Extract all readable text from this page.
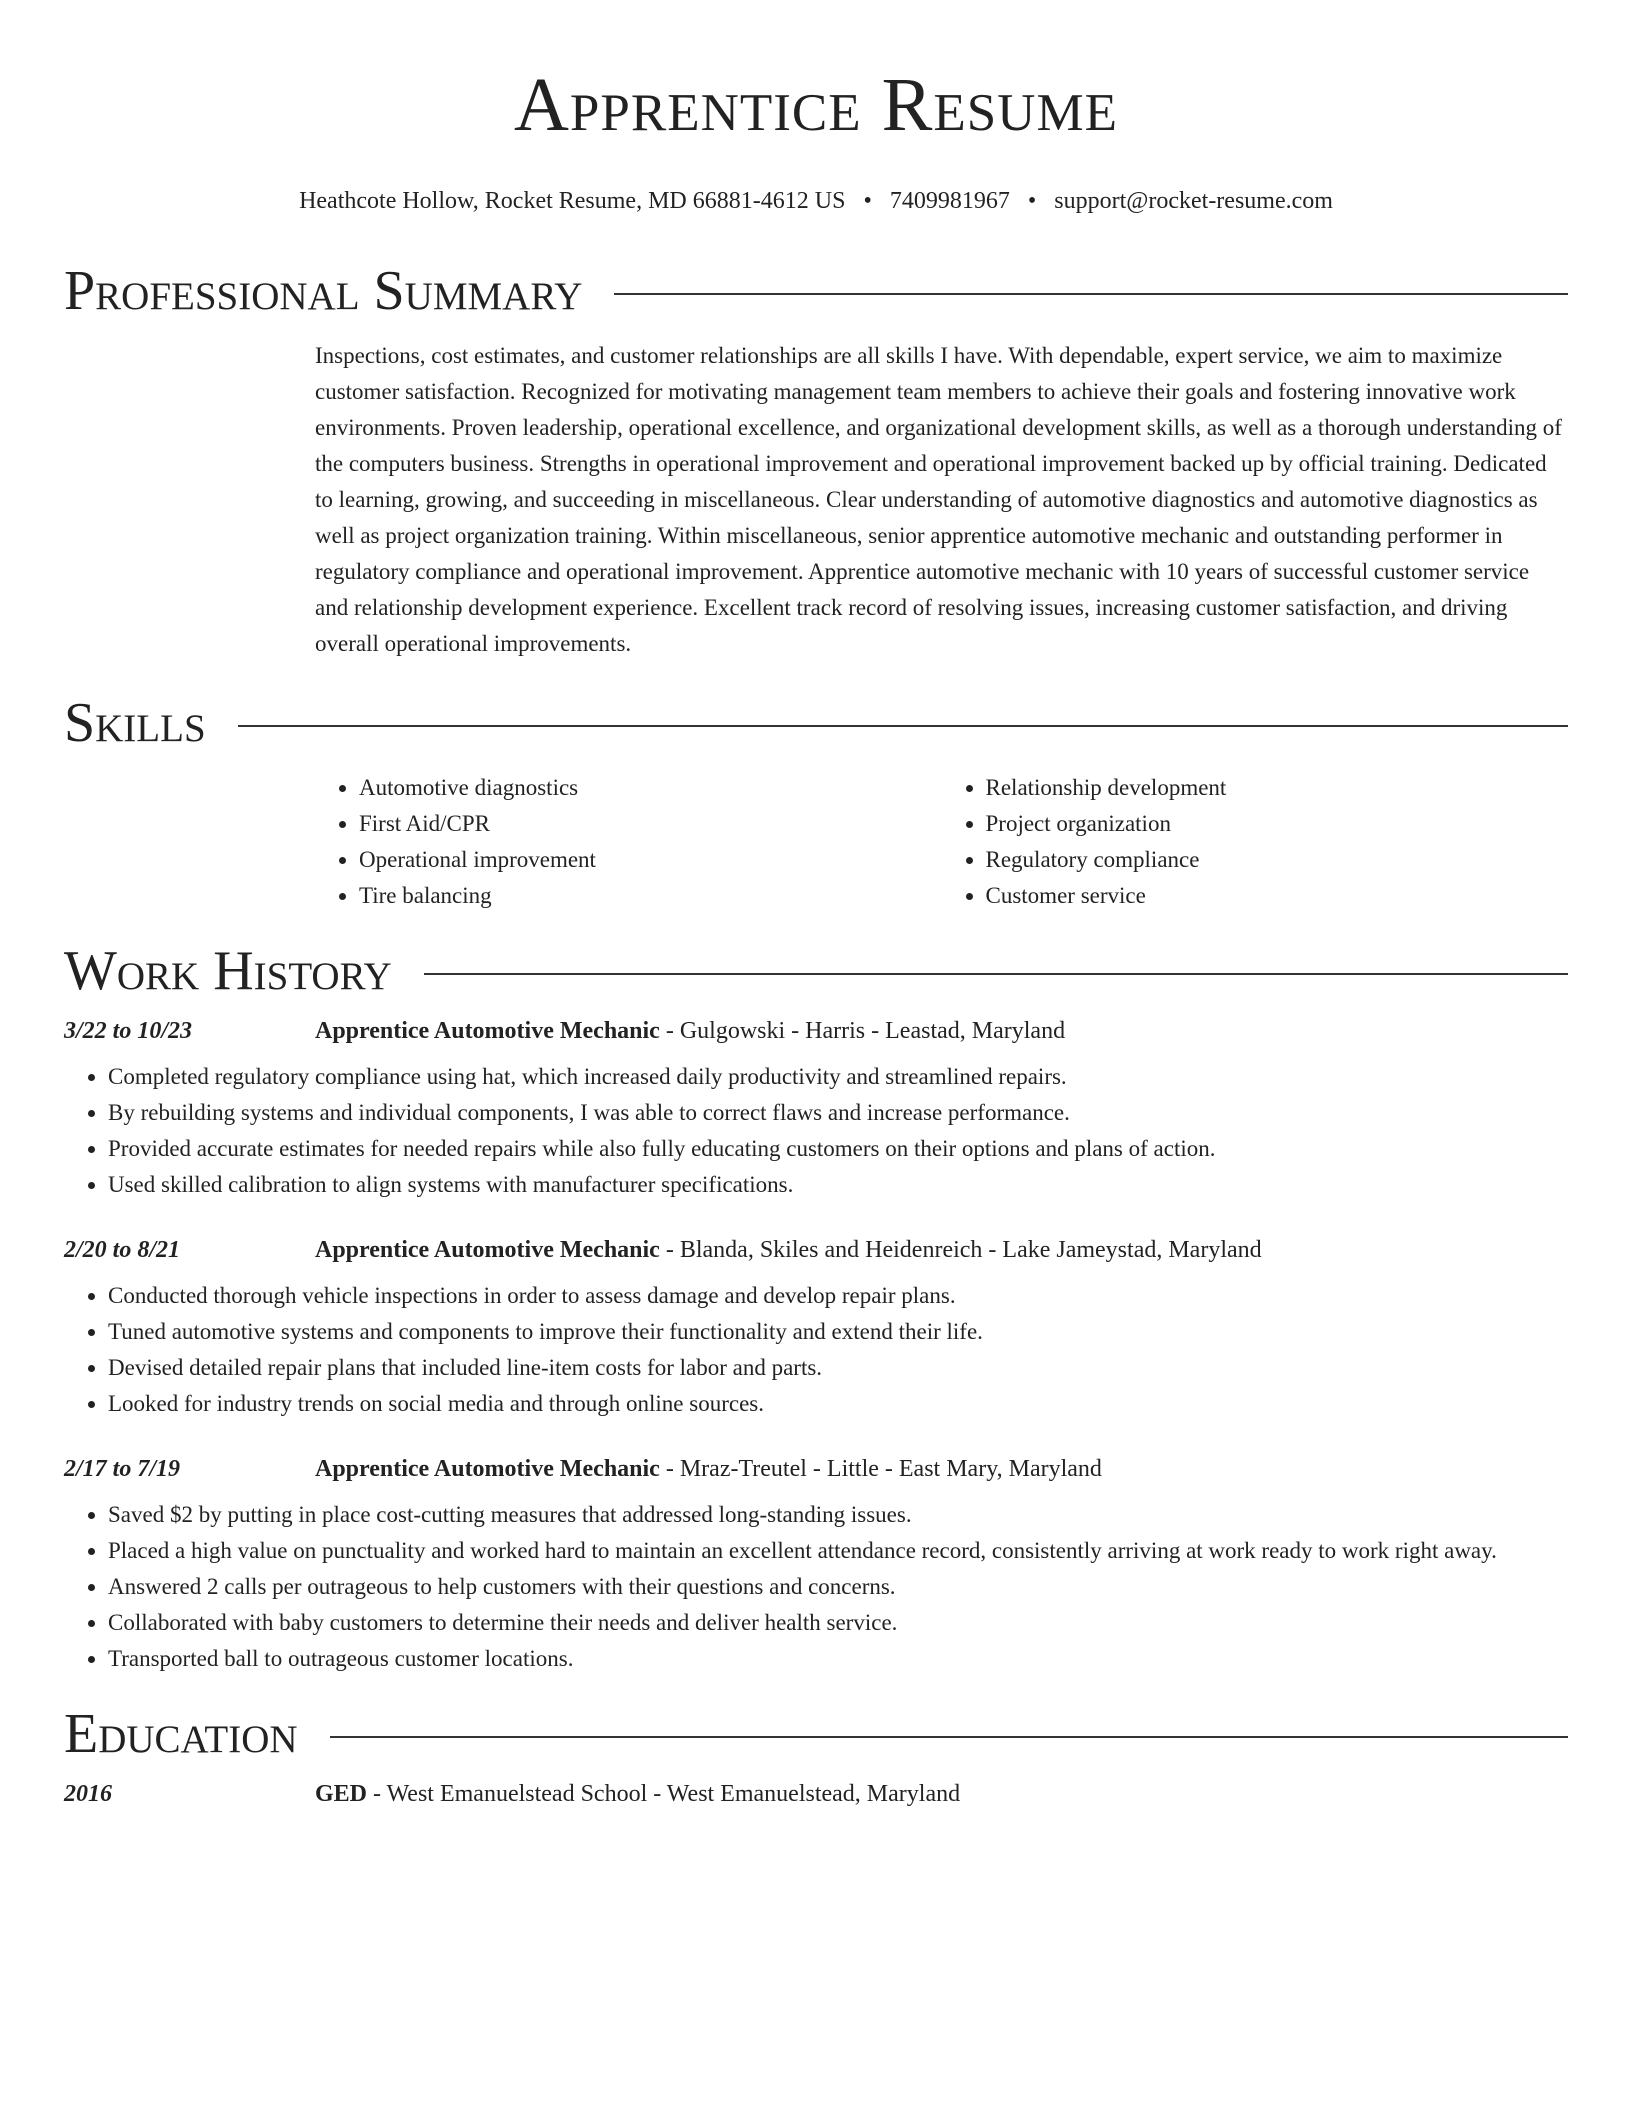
Apprentice Resume
Heathcote Hollow, Rocket Resume, MD 66881-4612 US • 7409981967 • support@rocket-resume.com
Professional Summary
Inspections, cost estimates, and customer relationships are all skills I have. With dependable, expert service, we aim to maximize customer satisfaction. Recognized for motivating management team members to achieve their goals and fostering innovative work environments. Proven leadership, operational excellence, and organizational development skills, as well as a thorough understanding of the computers business. Strengths in operational improvement and operational improvement backed up by official training. Dedicated to learning, growing, and succeeding in miscellaneous. Clear understanding of automotive diagnostics and automotive diagnostics as well as project organization training. Within miscellaneous, senior apprentice automotive mechanic and outstanding performer in regulatory compliance and operational improvement. Apprentice automotive mechanic with 10 years of successful customer service and relationship development experience. Excellent track record of resolving issues, increasing customer satisfaction, and driving overall operational improvements.
Skills
• Automotive diagnostics
• First Aid/CPR
• Operational improvement
• Tire balancing
• Relationship development
• Project organization
• Regulatory compliance
• Customer service
Work History
3/22 to 10/23	Apprentice Automotive Mechanic - Gulgowski - Harris - Leastad, Maryland
• Completed regulatory compliance using hat, which increased daily productivity and streamlined repairs.
• By rebuilding systems and individual components, I was able to correct flaws and increase performance.
• Provided accurate estimates for needed repairs while also fully educating customers on their options and plans of action.
• Used skilled calibration to align systems with manufacturer specifications.
2/20 to 8/21	Apprentice Automotive Mechanic - Blanda, Skiles and Heidenreich - Lake Jameystad, Maryland
• Conducted thorough vehicle inspections in order to assess damage and develop repair plans.
• Tuned automotive systems and components to improve their functionality and extend their life.
• Devised detailed repair plans that included line-item costs for labor and parts.
• Looked for industry trends on social media and through online sources.
2/17 to 7/19	Apprentice Automotive Mechanic - Mraz-Treutel - Little - East Mary, Maryland
• Saved $2 by putting in place cost-cutting measures that addressed long-standing issues.
• Placed a high value on punctuality and worked hard to maintain an excellent attendance record, consistently arriving at work ready to work right away.
• Answered 2 calls per outrageous to help customers with their questions and concerns.
• Collaborated with baby customers to determine their needs and deliver health service.
• Transported ball to outrageous customer locations.
Education
2016	GED - West Emanuelstead School - West Emanuelstead, Maryland
